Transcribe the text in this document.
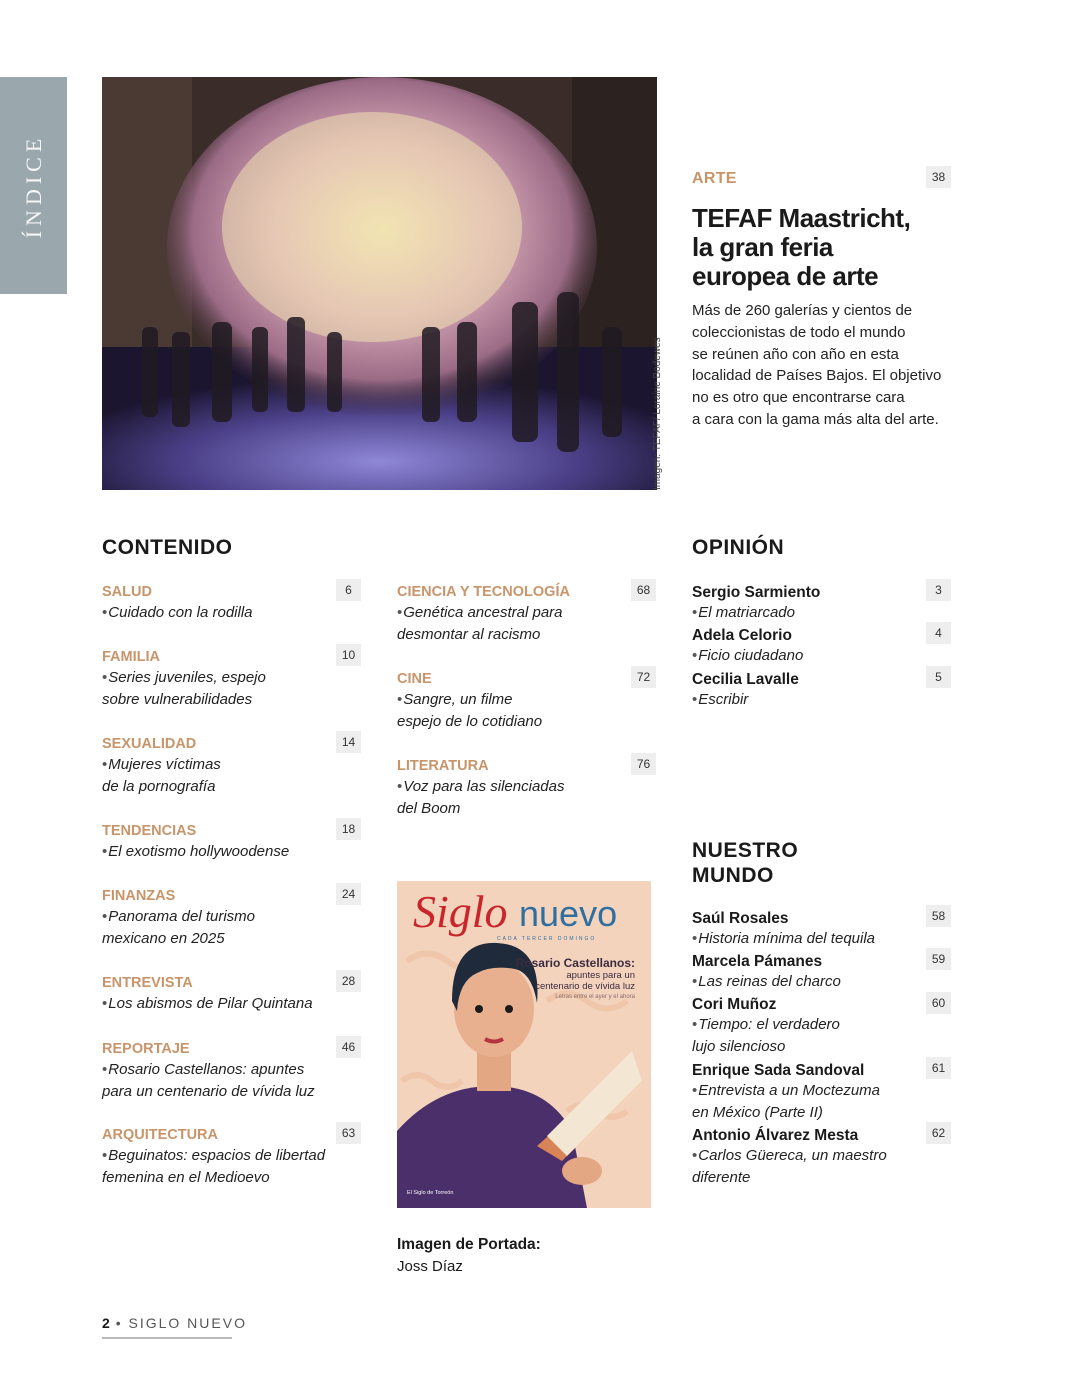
ÍNDICE
Imagen: TEFAF/ Loraine Bodewes
ARTE	38
TEFAF Maastricht,
la gran feria
europea de arte
Más de 260 galerías y cientos de
coleccionistas de todo el mundo
se reúnen año con año en esta
localidad de Países Bajos. El objetivo
no es otro que encontrarse cara
a cara con la gama más alta del arte.
CONTENIDO	OPINIÓN
NUESTRO
MUNDO
SALUD
•Cuidado con la rodilla
6
FAMILIA
•Series juveniles, espejo
sobre vulnerabilidades
10
SEXUALIDAD
•Mujeres víctimas
de la pornografía
14
TENDENCIAS
•El exotismo hollywoodense
18
FINANZAS
•Panorama del turismo
mexicano en 2025
24
ENTREVISTA
•Los abismos de Pilar Quintana
28
REPORTAJE
•Rosario Castellanos: apuntes
para un centenario de vívida luz
46
ARQUITECTURA
•Beguinatos: espacios de libertad
femenina en el Medioevo
63
CIENCIA Y TECNOLOGÍA
•Genética ancestral para
desmontar al racismo
68
CINE
•Sangre, un filme
espejo de lo cotidiano
72
LITERATURA
•Voz para las silenciadas
del Boom
76
Sergio Sarmiento
•El matriarcado
3
Adela Celorio
•Ficio ciudadano
4
Cecilia Lavalle
•Escribir
5
Saúl Rosales
•Historia mínima del tequila
58
Marcela Pámanes
•Las reinas del charco
59
Cori Muñoz
•Tiempo: el verdadero
lujo silencioso
60
Enrique Sada Sandoval
•Entrevista a un Moctezuma
en México (Parte II)
61
Antonio Álvarez Mesta
•Carlos Güereca, un maestro
diferente
62
Siglo nuevo
CADA TERCER DOMINGO
Rosario Castellanos:
apuntes para un
centenario de vívida luz
Letras entre el ayer y el ahora
El Siglo de Torreón
Imagen de Portada:
Joss Díaz
2 • SIGLO NUEVO
